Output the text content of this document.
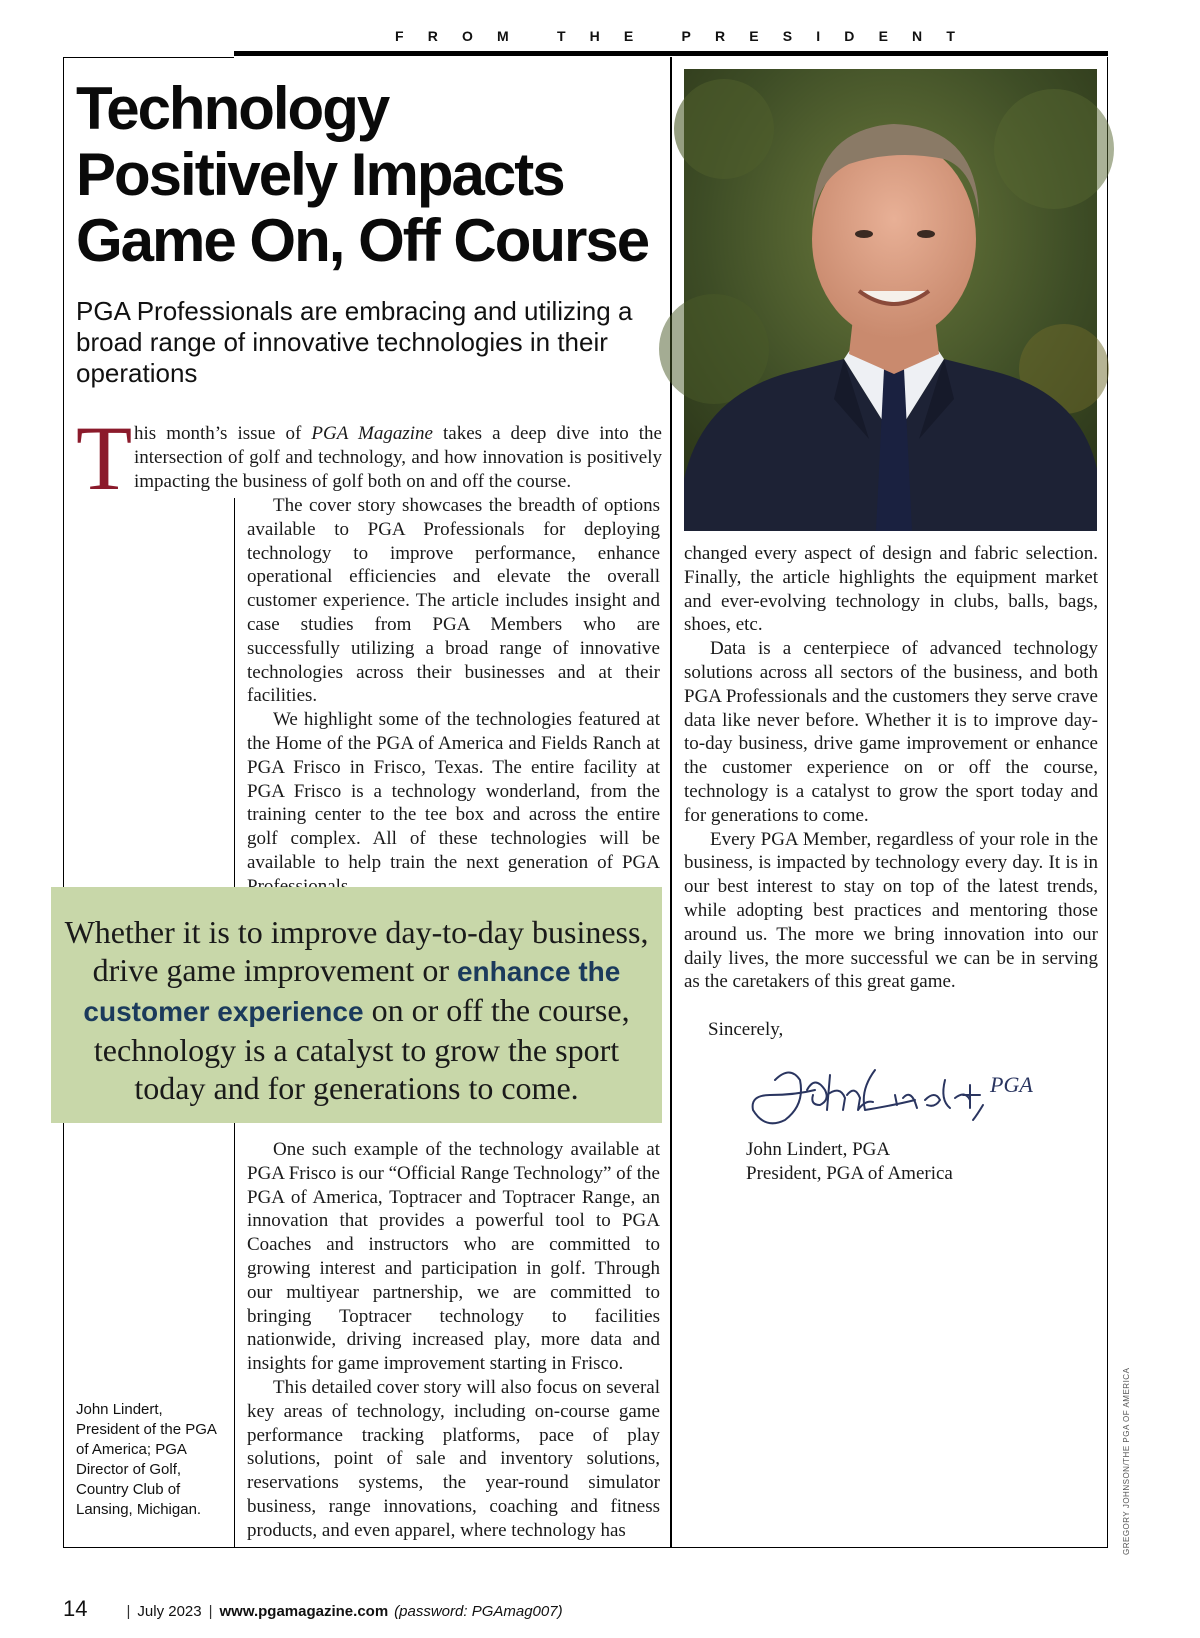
F R O M	T H E	P R E S I D E N T
Technology
Positively Impacts
Game On, Off Course
PGA Professionals are embracing and utilizing a broad range of innovative technologies in their operations
T his month’s issue of PGA Magazine takes a deep dive into the intersection of golf and technology, and how innovation is positively impacting the business of golf both on and off the course.

The cover story showcases the breadth of options available to PGA Professionals for deploying technology to improve performance, enhance operational efficiencies and elevate the overall customer experience. The article includes insight and case studies from PGA Members who are successfully utilizing a broad range of innovative technologies across their businesses and at their facilities.

We highlight some of the technologies featured at the Home of the PGA of America and Fields Ranch at PGA Frisco in Frisco, Texas. The entire facility at PGA Frisco is a technology wonderland, from the training center to the tee box and across the entire golf complex. All of these technologies will be available to help train the next generation of PGA

Whether it is to improve day-to-day business, drive game improvement or enhance the customer experience on or off the course, technology is a catalyst to grow the sport today and for generations to come.

One such example of the technology available at PGA Frisco is our “Official Range Technology” of the PGA of America, Toptracer and Toptracer Range, an innovation that provides a powerful tool to PGA Coaches and instructors who are committed to growing interest and participation in golf. Through our multiyear partnership, we are committed to bringing Toptracer technology to facilities nationwide, driving increased play, more data and insights for game improvement starting in Frisco.

This detailed cover story will also focus on several key areas of technology, including on-course game performance tracking platforms, pace of play solutions, point of sale and inventory solutions, reservations systems, the year-round simulator business, range innovations, coaching and fitness products, and even apparel, where technology has

John Lindert, President of the PGA of America; PGA Director of Golf, Country Club of Lansing, Michigan.

changed every aspect of design and fabric selection. Finally, the article highlights the equipment market and ever-evolving technology in clubs, balls, bags, shoes, etc.

Data is a centerpiece of advanced technology solutions across all sectors of the business, and both PGA Professionals and the customers they serve crave data like never before. Whether it is to improve day-to-day business, drive game improvement or enhance the customer experience on or off the course, technology is a catalyst to grow the sport today and for generations to come.

Every PGA Member, regardless of your role in the business, is impacted by technology every day. It is in our best interest to stay on top of the latest trends, while adopting best practices and mentoring those around us. The more we bring innovation into our daily lives, the more successful we can be in serving as the caretakers of this great game.

Sincerely,
PGA
John Lindert, PGA
President, PGA of America
GREGORY JOHNSON/THE PGA OF AMERICA
14	| July 2023 | www.pgamagazine.com (password: PGAmag007)
